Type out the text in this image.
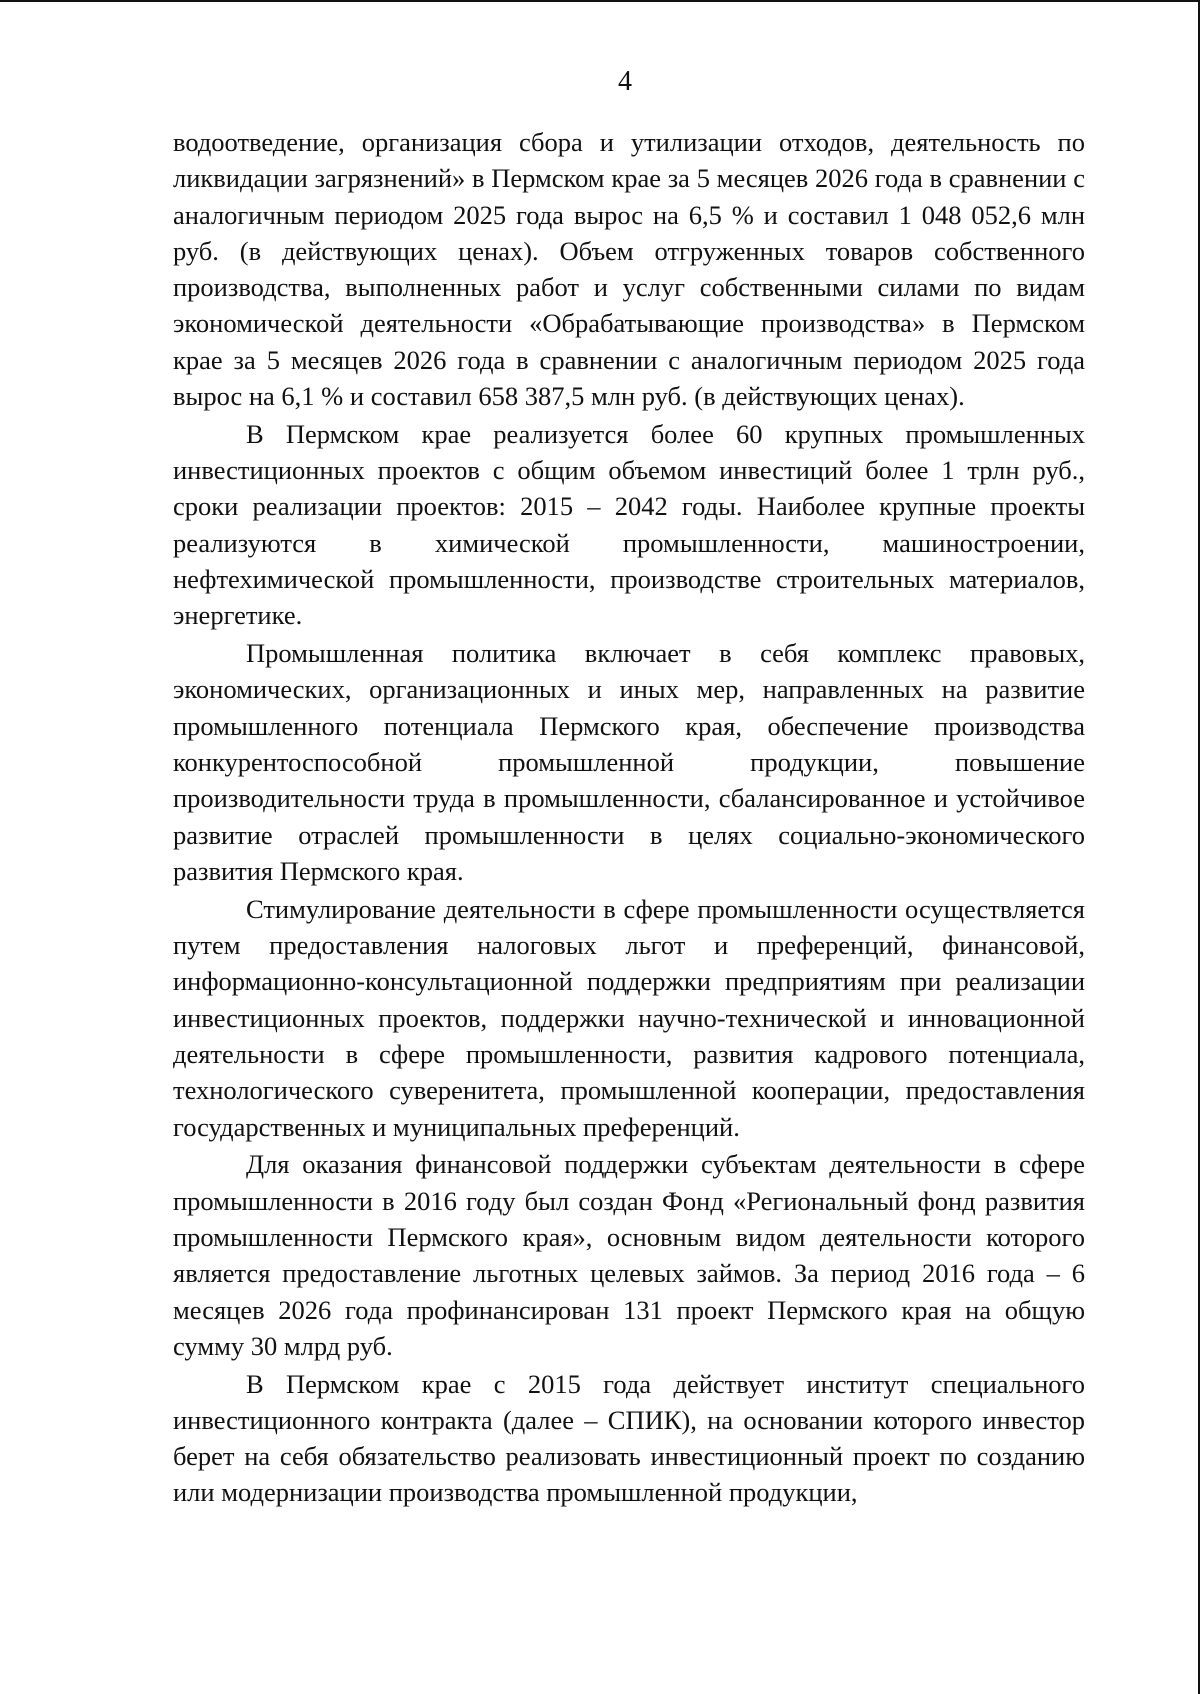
4

водоотведение, организация сбора и утилизации отходов, деятельность по ликвидации загрязнений» в Пермском крае за 5 месяцев 2026 года в сравнении с аналогичным периодом 2025 года вырос на 6,5 % и составил 1 048 052,6 млн руб. (в действующих ценах). Объем отгруженных товаров собственного производства, выполненных работ и услуг собственными силами по видам экономической деятельности «Обрабатывающие производства» в Пермском крае за 5 месяцев 2026 года в сравнении с аналогичным периодом 2025 года вырос на 6,1 % и составил 658 387,5 млн руб. (в действующих ценах).

В Пермском крае реализуется более 60 крупных промышленных инвестиционных проектов с общим объемом инвестиций более 1 трлн руб., сроки реализации проектов: 2015 – 2042 годы. Наиболее крупные проекты реализуются в химической промышленности, машиностроении, нефтехимической промышленности, производстве строительных материалов, энергетике.

Промышленная политика включает в себя комплекс правовых, экономических, организационных и иных мер, направленных на развитие промышленного потенциала Пермского края, обеспечение производства конкурентоспособной промышленной продукции, повышение производительности труда в промышленности, сбалансированное и устойчивое развитие отраслей промышленности в целях социально-экономического развития Пермского края.

Стимулирование деятельности в сфере промышленности осуществляется путем предоставления налоговых льгот и преференций, финансовой, информационно-консультационной поддержки предприятиям при реализации инвестиционных проектов, поддержки научно-технической и инновационной деятельности в сфере промышленности, развития кадрового потенциала, технологического суверенитета, промышленной кооперации, предоставления государственных и муниципальных преференций.

Для оказания финансовой поддержки субъектам деятельности в сфере промышленности в 2016 году был создан Фонд «Региональный фонд развития промышленности Пермского края», основным видом деятельности которого является предоставление льготных целевых займов. За период 2016 года – 6 месяцев 2026 года профинансирован 131 проект Пермского края на общую сумму 30 млрд руб.

В Пермском крае с 2015 года действует институт специального инвестиционного контракта (далее – СПИК), на основании которого инвестор берет на себя обязательство реализовать инвестиционный проект по созданию или модернизации производства промышленной продукции,
